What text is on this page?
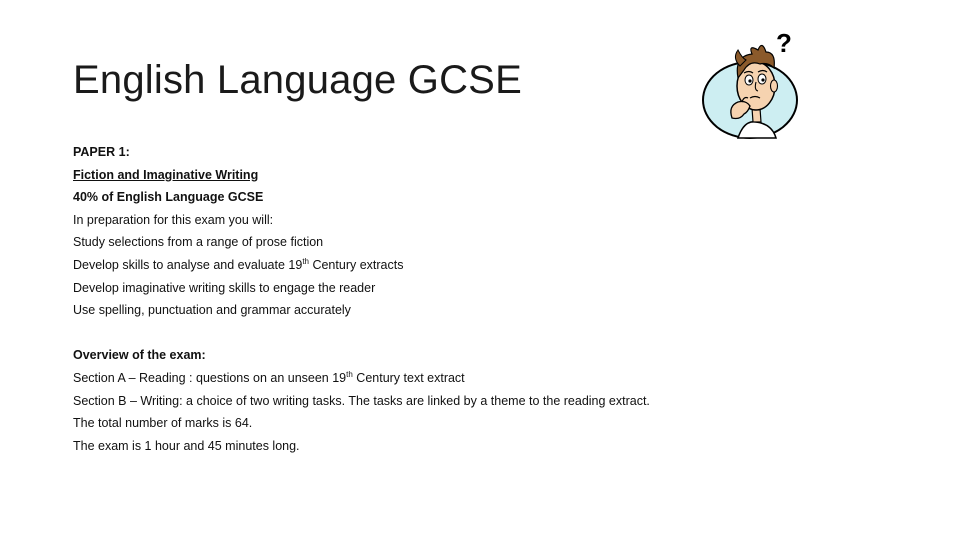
English Language GCSE
?

PAPER 1:

Fiction and Imaginative Writing

40% of English Language GCSE

In preparation for this exam you will:

Study selections from a range of prose fiction

Develop skills to analyse and evaluate 19th Century extracts

Develop imaginative writing skills to engage the reader

Use spelling, punctuation and grammar accurately

Overview of the exam:

Section A – Reading : questions on an unseen 19th Century text extract

Section B – Writing: a choice of two writing tasks. The tasks are linked by a theme to the reading extract.

The total number of marks is 64.

The exam is 1 hour and 45 minutes long.
